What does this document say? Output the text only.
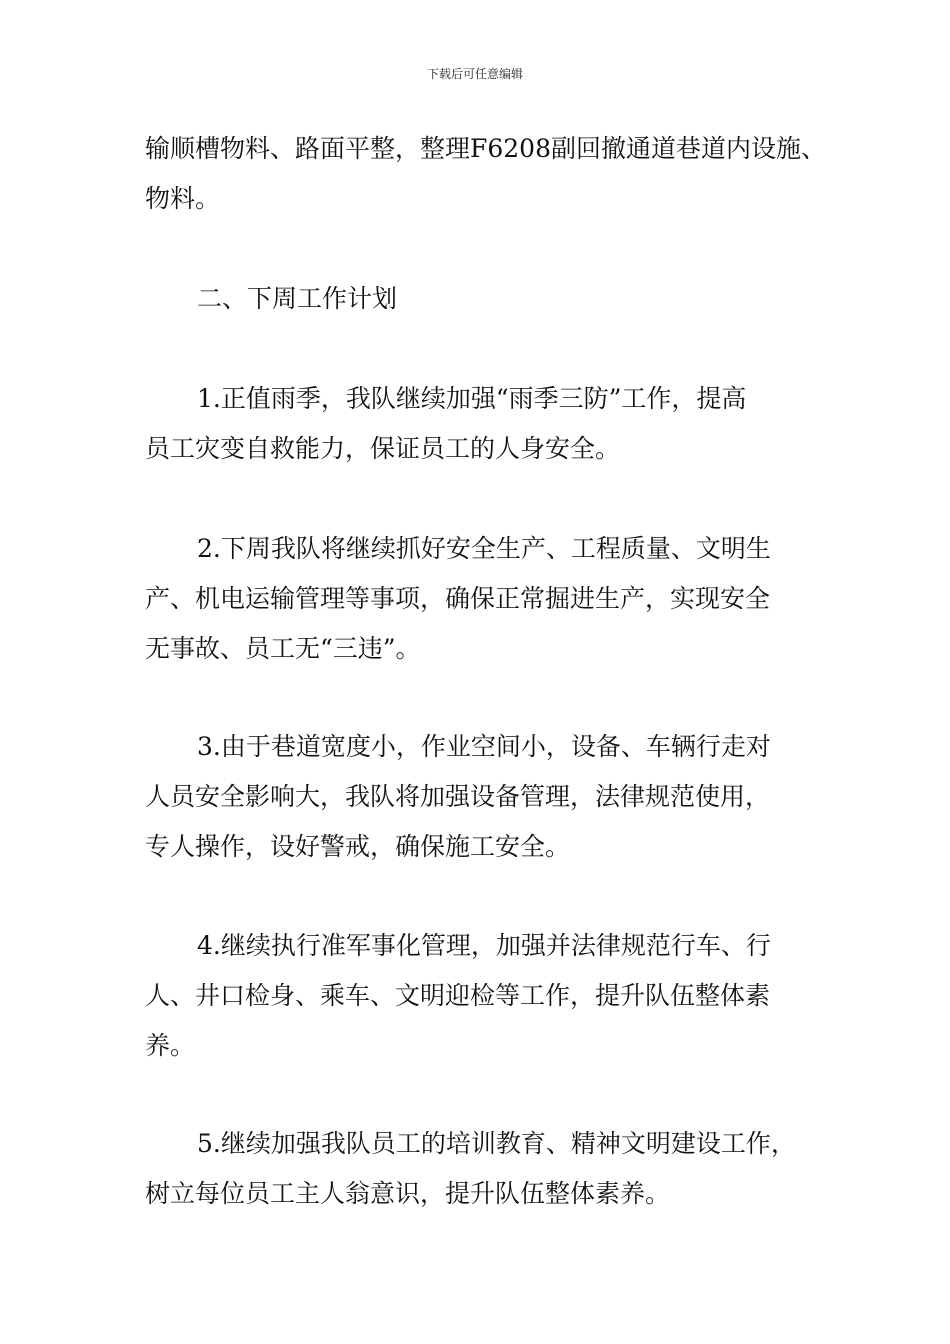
下载后可任意编辑
输顺槽物料、路面平整，整理F6208副回撤通道巷道内设施、
物料。
二、下周工作计划
1.正值雨季，我队继续加强“雨季三防”工作，提高
员工灾变自救能力，保证员工的人身安全。
2.下周我队将继续抓好安全生产、工程质量、文明生
产、机电运输管理等事项，确保正常掘进生产，实现安全
无事故、员工无“三违”。
3.由于巷道宽度小，作业空间小，设备、车辆行走对
人员安全影响大，我队将加强设备管理，法律规范使用，
专人操作，设好警戒，确保施工安全。
4.继续执行准军事化管理，加强并法律规范行车、行
人、井口检身、乘车、文明迎检等工作，提升队伍整体素
养。
5.继续加强我队员工的培训教育、精神文明建设工作，
树立每位员工主人翁意识，提升队伍整体素养。
